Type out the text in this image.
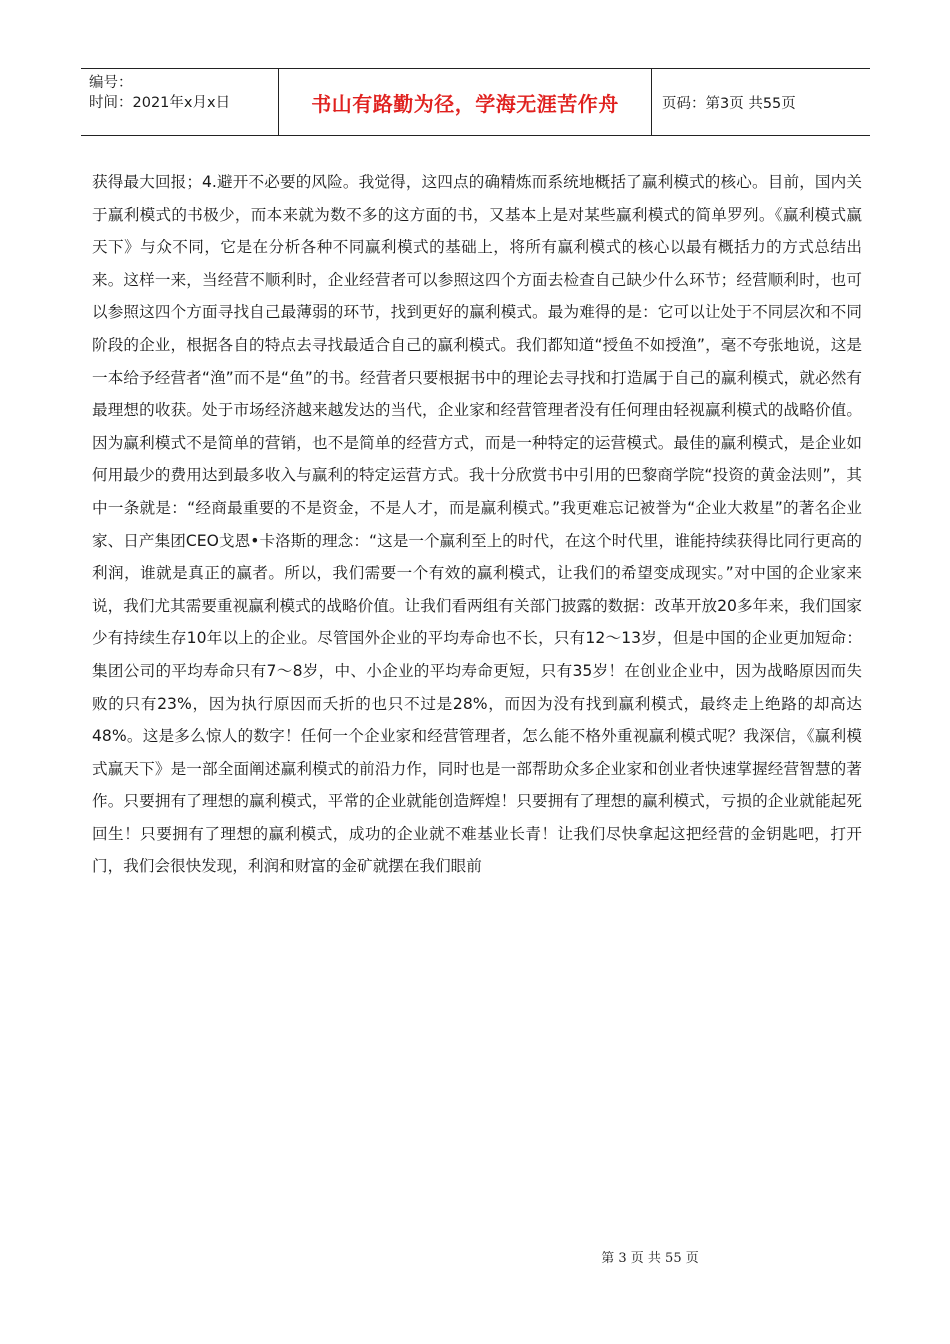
编号：
时间：2021年x月x日	书山有路勤为径，学海无涯苦作舟	页码：第3页 共55页

获得最大回报；4.避开不必要的风险。我觉得，这四点的确精炼而系统地概括了赢利模式的核心。目前，国内关于赢利模式的书极少，而本来就为数不多的这方面的书，又基本上是对某些赢利模式的简单罗列。《赢利模式赢天下》与众不同，它是在分析各种不同赢利模式的基础上，将所有赢利模式的核心以最有概括力的方式总结出来。这样一来，当经营不顺利时，企业经营者可以参照这四个方面去检查自己缺少什么环节；经营顺利时，也可以参照这四个方面寻找自己最薄弱的环节，找到更好的赢利模式。最为难得的是：它可以让处于不同层次和不同阶段的企业，根据各自的特点去寻找最适合自己的赢利模式。我们都知道“授鱼不如授渔”，毫不夸张地说，这是一本给予经营者“渔”而不是“鱼”的书。经营者只要根据书中的理论去寻找和打造属于自己的赢利模式，就必然有最理想的收获。处于市场经济越来越发达的当代，企业家和经营管理者没有任何理由轻视赢利模式的战略价值。因为赢利模式不是简单的营销，也不是简单的经营方式，而是一种特定的运营模式。最佳的赢利模式，是企业如何用最少的费用达到最多收入与赢利的特定运营方式。我十分欣赏书中引用的巴黎商学院“投资的黄金法则”，其中一条就是：“经商最重要的不是资金，不是人才，而是赢利模式。”我更难忘记被誉为“企业大救星”的著名企业家、日产集团CEO戈恩•卡洛斯的理念：“这是一个赢利至上的时代，在这个时代里，谁能持续获得比同行更高的利润，谁就是真正的赢者。所以，我们需要一个有效的赢利模式，让我们的希望变成现实。”对中国的企业家来说，我们尤其需要重视赢利模式的战略价值。让我们看两组有关部门披露的数据：改革开放20多年来，我们国家少有持续生存10年以上的企业。尽管国外企业的平均寿命也不长，只有12～13岁，但是中国的企业更加短命：集团公司的平均寿命只有7～8岁，中、小企业的平均寿命更短，只有35岁！在创业企业中，因为战略原因而失败的只有23%，因为执行原因而夭折的也只不过是28%，而因为没有找到赢利模式，最终走上绝路的却高达48%。这是多么惊人的数字！任何一个企业家和经营管理者，怎么能不格外重视赢利模式呢？我深信，《赢利模式赢天下》是一部全面阐述赢利模式的前沿力作，同时也是一部帮助众多企业家和创业者快速掌握经营智慧的著作。只要拥有了理想的赢利模式，平常的企业就能创造辉煌！只要拥有了理想的赢利模式，亏损的企业就能起死回生！只要拥有了理想的赢利模式，成功的企业就不难基业长青！让我们尽快拿起这把经营的金钥匙吧，打开门，我们会很快发现，利润和财富的金矿就摆在我们眼前

第 3 页 共 55 页
